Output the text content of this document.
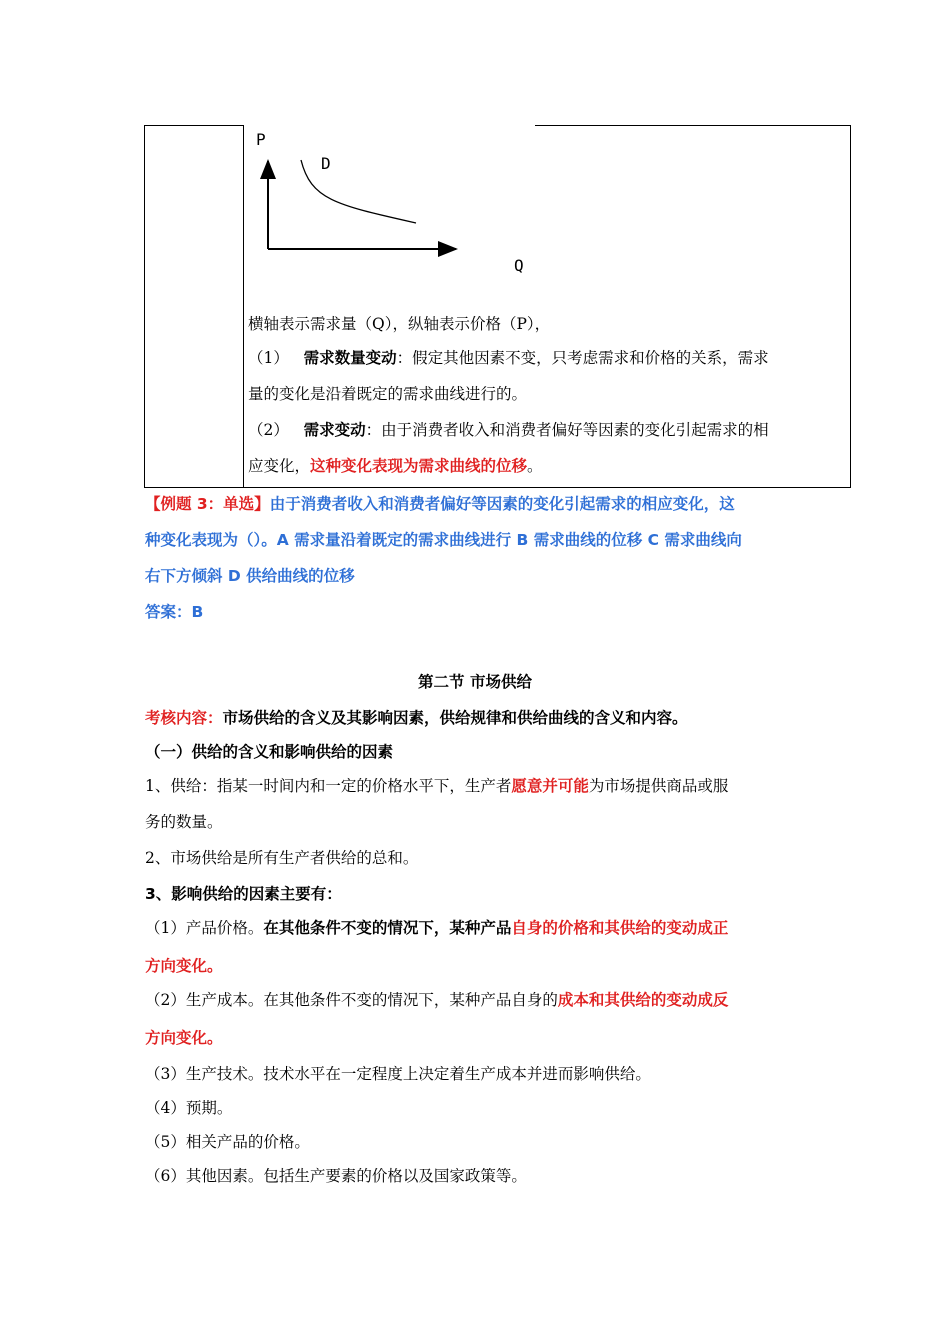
P
D
Q
横轴表示需求量（Q），纵轴表示价格（P），
（1） 需求数量变动：假定其他因素不变，只考虑需求和价格的关系，需求
量的变化是沿着既定的需求曲线进行的。
（2） 需求变动：由于消费者收入和消费者偏好等因素的变化引起需求的相
应变化，这种变化表现为需求曲线的位移。
【例题 3：单选】由于消费者收入和消费者偏好等因素的变化引起需求的相应变化，这
种变化表现为（）。A 需求量沿着既定的需求曲线进行 B 需求曲线的位移 C 需求曲线向
右下方倾斜 D 供给曲线的位移
答案：B
第二节 市场供给
考核内容：市场供给的含义及其影响因素，供给规律和供给曲线的含义和内容。
（一）供给的含义和影响供给的因素
1、供给：指某一时间内和一定的价格水平下，生产者愿意并可能为市场提供商品或服
务的数量。
2、市场供给是所有生产者供给的总和。
3、影响供给的因素主要有：
（1）产品价格。在其他条件不变的情况下，某种产品自身的价格和其供给的变动成正
方向变化。
（2）生产成本。在其他条件不变的情况下，某种产品自身的成本和其供给的变动成反
方向变化。
（3）生产技术。技术水平在一定程度上决定着生产成本并进而影响供给。
（4）预期。
（5）相关产品的价格。
（6）其他因素。包括生产要素的价格以及国家政策等。
